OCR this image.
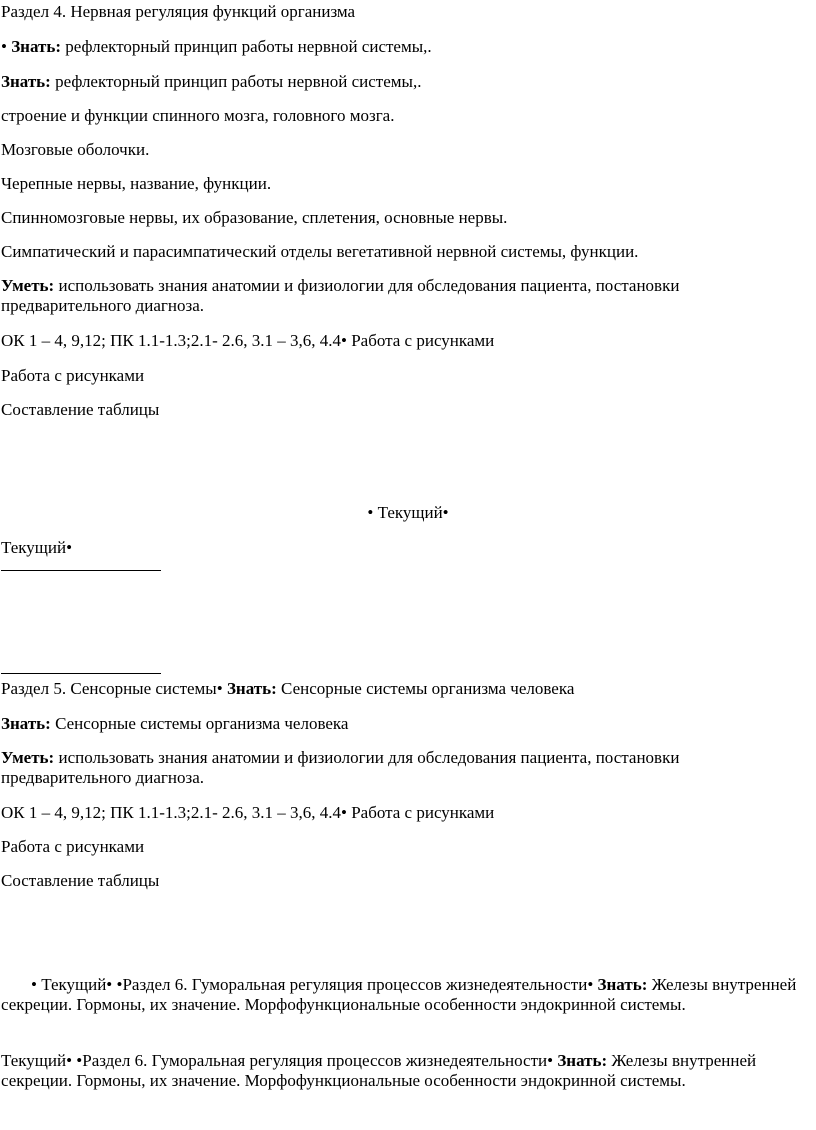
Раздел 4. Нервная регуляция функций организма
• Знать: рефлекторный принцип работы нервной системы,.
Знать: рефлекторный принцип работы нервной системы,.
строение и функции спинного мозга, головного мозга.
Мозговые оболочки.
Черепные нервы, название, функции.
Спинномозговые нервы, их образование, сплетения, основные нервы.
Симпатический и парасимпатический отделы вегетативной нервной системы, функции.
Уметь: использовать знания анатомии и физиологии для обследования пациента, постановки предварительного диагноза.
ОК 1 – 4, 9,12; ПК 1.1-1.3;2.1- 2.6, 3.1 – 3,6, 4.4• Работа с рисунками
Работа с рисунками
Составление таблицы
• Текущий•
Текущий•
Раздел 5. Сенсорные системы• Знать: Сенсорные системы организма человека
Знать: Сенсорные системы организма человека
Уметь: использовать знания анатомии и физиологии для обследования пациента, постановки предварительного диагноза.
ОК 1 – 4, 9,12; ПК 1.1-1.3;2.1- 2.6, 3.1 – 3,6, 4.4• Работа с рисунками
Работа с рисунками
Составление таблицы
• Текущий• •Раздел 6. Гуморальная регуляция процессов жизнедеятельности• Знать: Железы внутренней секреции. Гормоны, их значение. Морфофункциональные особенности эндокринной системы.
Текущий• •Раздел 6. Гуморальная регуляция процессов жизнедеятельности• Знать: Железы внутренней секреции. Гормоны, их значение. Морфофункциональные особенности эндокринной системы.
